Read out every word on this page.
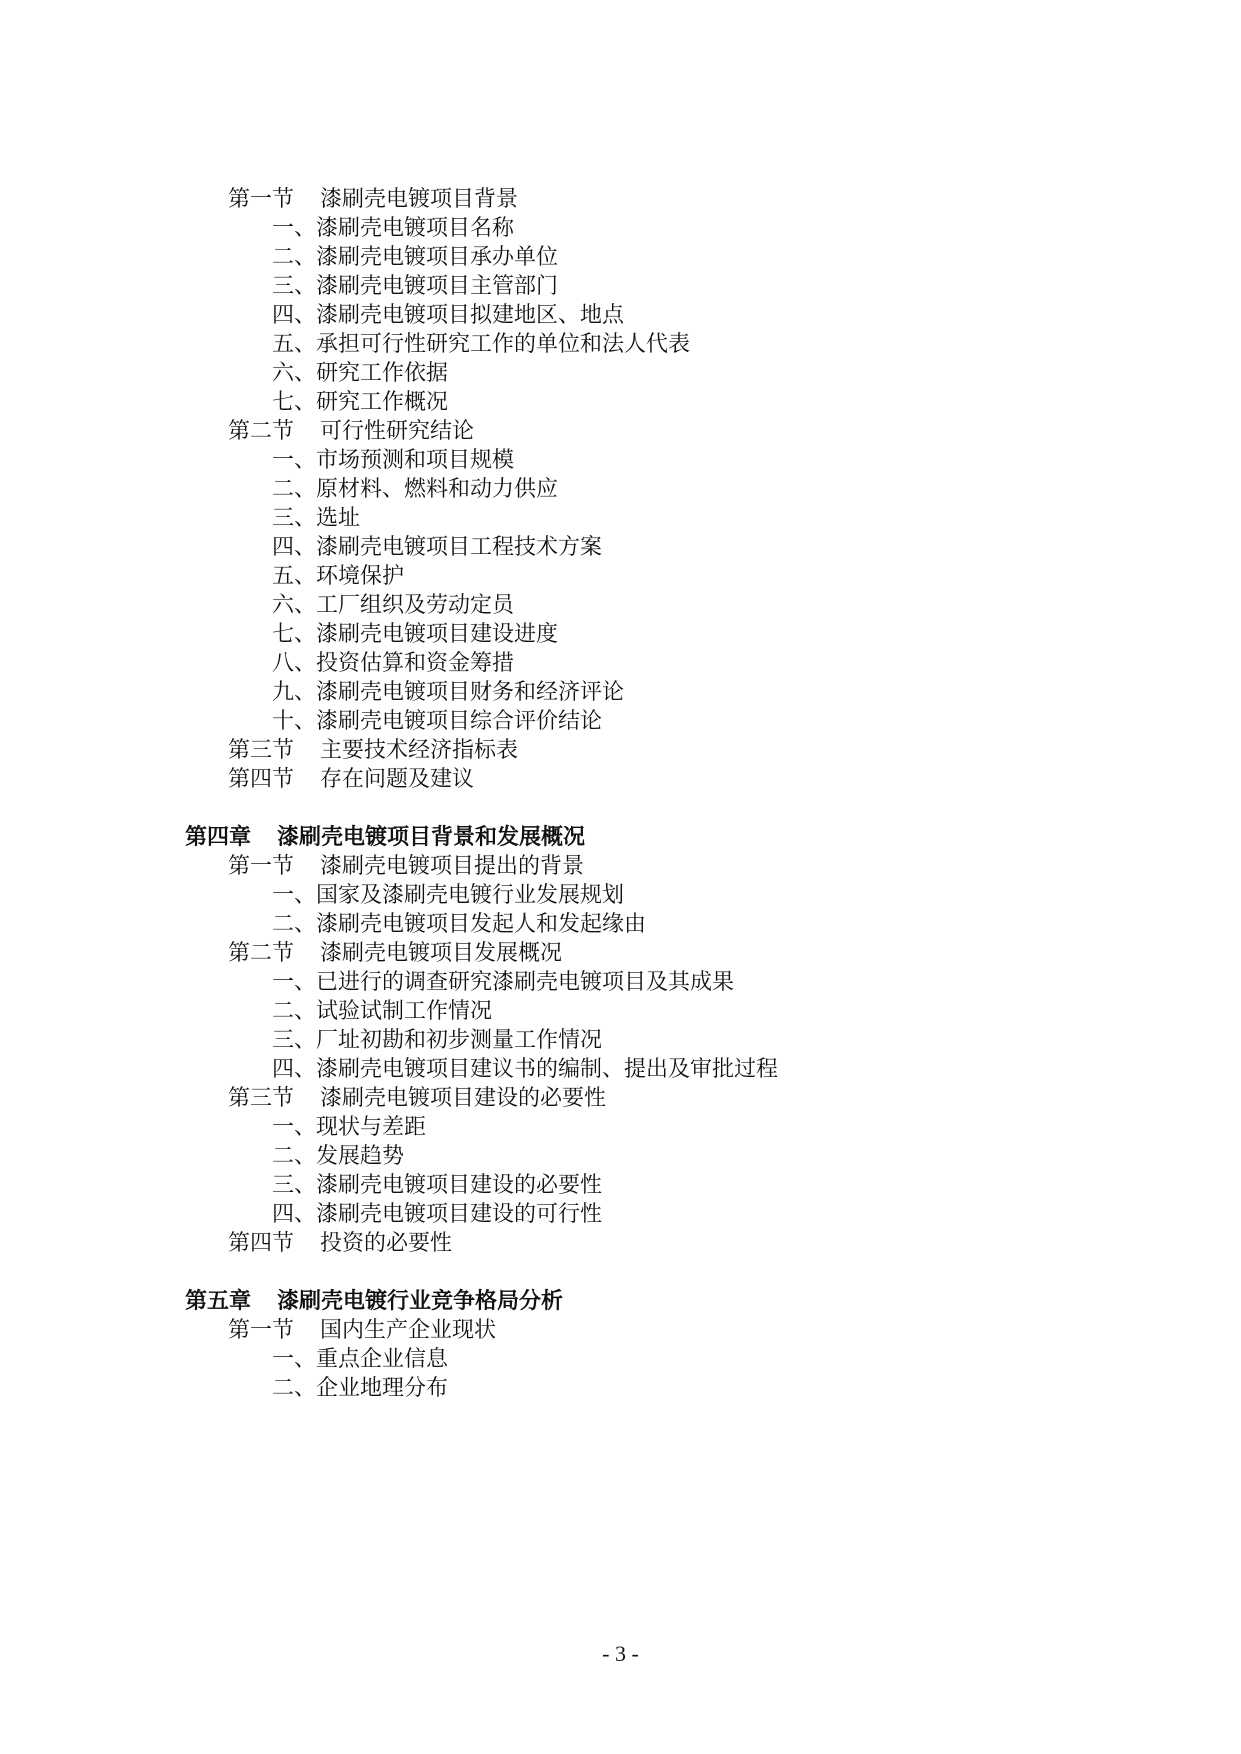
第一节 漆刷壳电镀项目背景
一、漆刷壳电镀项目名称
二、漆刷壳电镀项目承办单位
三、漆刷壳电镀项目主管部门
四、漆刷壳电镀项目拟建地区、地点
五、承担可行性研究工作的单位和法人代表
六、研究工作依据
七、研究工作概况
第二节 可行性研究结论
一、市场预测和项目规模
二、原材料、燃料和动力供应
三、选址
四、漆刷壳电镀项目工程技术方案
五、环境保护
六、工厂组织及劳动定员
七、漆刷壳电镀项目建设进度
八、投资估算和资金筹措
九、漆刷壳电镀项目财务和经济评论
十、漆刷壳电镀项目综合评价结论
第三节 主要技术经济指标表
第四节 存在问题及建议
第四章 漆刷壳电镀项目背景和发展概况
第一节 漆刷壳电镀项目提出的背景
一、国家及漆刷壳电镀行业发展规划
二、漆刷壳电镀项目发起人和发起缘由
第二节 漆刷壳电镀项目发展概况
一、已进行的调查研究漆刷壳电镀项目及其成果
二、试验试制工作情况
三、厂址初勘和初步测量工作情况
四、漆刷壳电镀项目建议书的编制、提出及审批过程
第三节 漆刷壳电镀项目建设的必要性
一、现状与差距
二、发展趋势
三、漆刷壳电镀项目建设的必要性
四、漆刷壳电镀项目建设的可行性
第四节 投资的必要性
第五章 漆刷壳电镀行业竞争格局分析
第一节 国内生产企业现状
一、重点企业信息
二、企业地理分布
- 3 -
